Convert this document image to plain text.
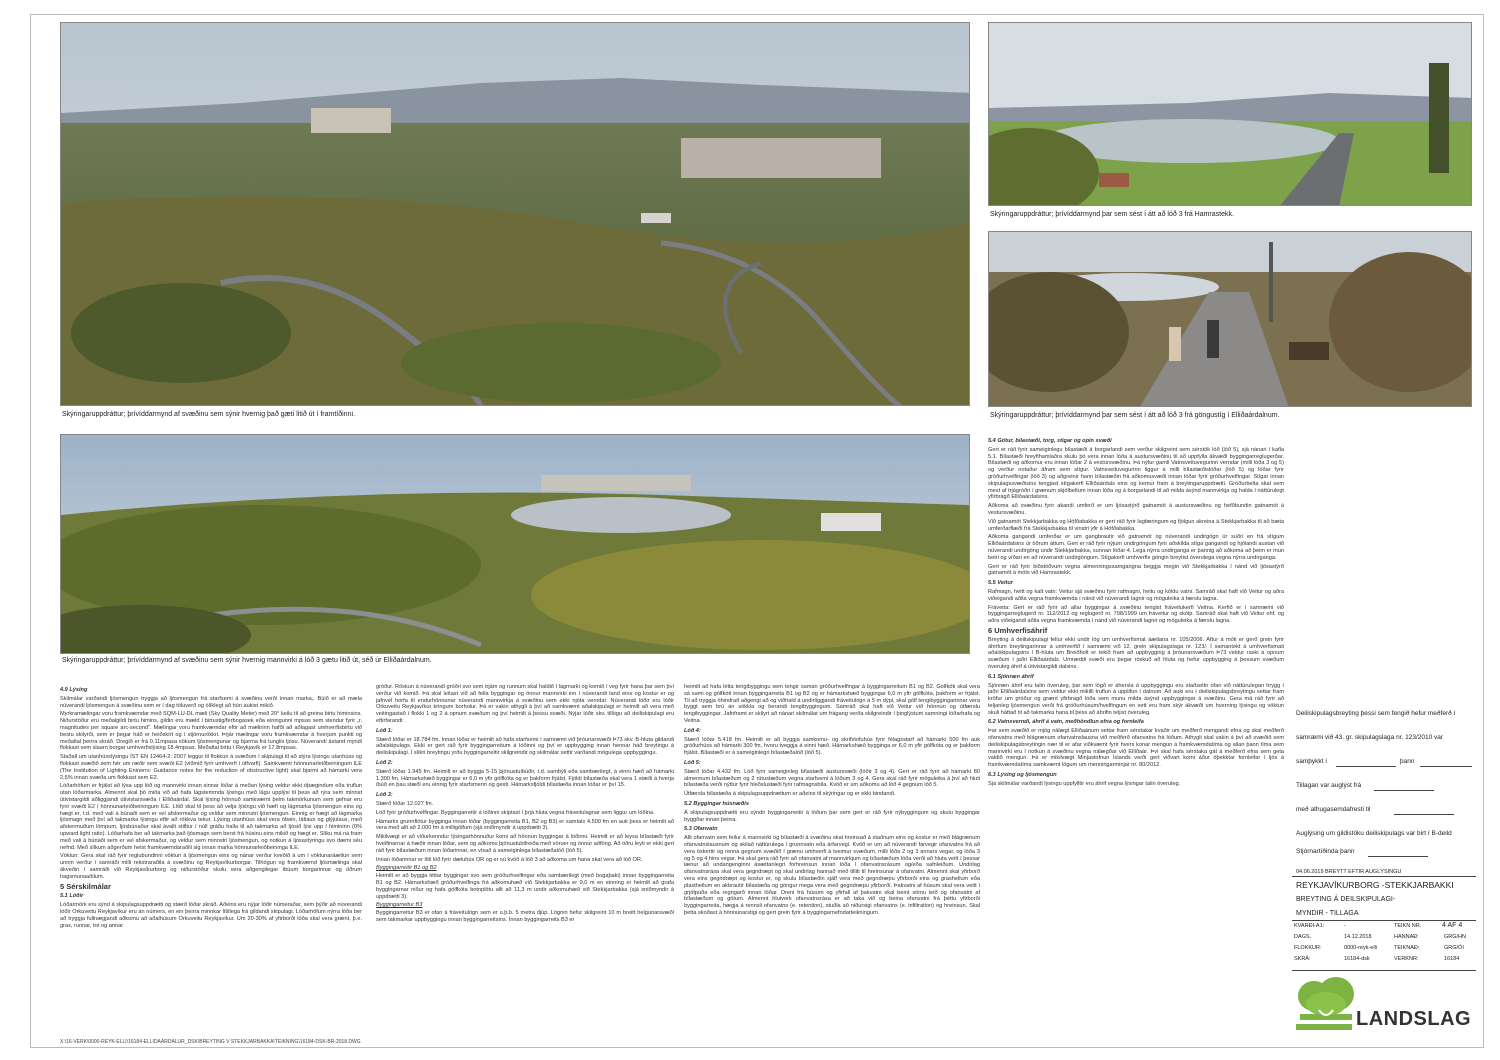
Skýringaruppdráttur; þrívíddarmynd af svæðinu sem sýnir hvernig það gæti litið út í framtíðinni.
Skýringaruppdráttur; þrívíddarmynd af svæðinu sem sýnir hvernig mannvirki á lóð 3 gætu litið út, séð úr Elliðaárdalnum.
Skýringaruppdráttur; þrívíddarmynd þar sem sést í átt að lóð 3 frá Hamrastekk.
Skýringaruppdráttur; þrívíddarmynd þar sem sést í átt að lóð 3 frá göngustíg í Elliðaárdalnum.

4.9 Lýsing

Skilmálar varðandi ljósmengun tryggja að ljósmengun frá starfsemi á svæðinu verði innan marka,. Búið er að mæla núverandi ljósmengun á svæðinu sem er í dag töluverð og ólíklegt að hún aukist mikið.

Myrkramælingar voru framkvæmdar með SQM-LU-DL mæli (Sky Quality Meter) með 20° keilu til að greina birtu himinsins. Niðurstöður eru meðalgildi birtu himins, gildin eru mæld í birtustig/ferbogasek eða einingunni mpsas sem stendur fyrir „r. magnitudes per square arc-second“. Mælingar voru framkvæmdar eftir að mælirinn hafði að aðlagast umhverfisbirtu við bestu skilyrði, sem er þegar háð er heiðskírt og í stjörnurökkri. Þrjár mælingar voru framkvæmdar á hverjum punkti og meðaltal þeirra skráð. Dregið er frá 0.11mpasa sökum ljósmengunar og bjarma frá tunglis ljósu. Núverandi ástand myndi flokkast sem slaarn borgar umhverfislýsing 18.4mpsas. Meðaltal birtu í Reykjavík er 17.8mpsas.

Staðall um utanhússlýsingu ÍST EN 12464-2: 2007 leggur til flokkun á svæðum í skipulagi til að stýra lýsingu utanhúss og flokkast svæðið sem hér um ræðir sem svæði E2 (viðmið fyrir umhverfi í útfvarfi). Samkvæmt hönnunarleiðbeiningum ILE (The Institution of Lighting Eninerrs: Guidance notes for the reduction of obstructive light) skal bjarmi að hámarki vera 2,5% innan svæða um flokkast sem E2.

Lóðarhöfum er frjálst að lýsa upp lóð og mannvirki innan sinnar lóðar á meðan lýsing veldur ekki óþægindum eða truflun utan lóðarmarka. Almennt skal þó miða við að hafa lágstemmda lýsingu með lágu upplýsi til þess að rýra sem minnst útivistargildi aðliggjandi útivistarsvæða í Elliðaárdal. Skal lýsing hönnuð samkvæmt þeim takmörkunum sem gefnar eru fyrir svæði E2 í hönnunarleiðbeiningum ILE. Lítið skal til þess að velja lýsingu við hæfi og lágmarka ljósmengun eins og hægt er, t.d. með vali á búnaði sem er vel afskermaður og veldur sem minnstri ljósmengun. Einnig er hægt að lágmarka ljósmagn með því að takmarka lýsingu eftir að rökkva tekur. Lýsing utanhúss skal vera óbein, látlaus og glýjulaus, með afskermuðum lömpum, ljósbúnaður skal ávallt stilltur í núll gráðu halla til að takmarka að ljósið lýsi upp í himininn (0% upward light ratio). Lóðarhafa ber að takmarka það ljósmagn sem berst frá húsinu eins mikið og hægt er. Slíku má ná fram með vali á búnaði sem er vel afskermaður, og veldur sem minnstri ljósmengun, og notkun á ljósastýringu svo dæmi séu nefnd. Með slíkum aðgerðum helst framkvæmdaraðili sig innan marka hönnunarleiðbeininga ILE.

Vöktun: Gera skal ráð fyrir reglubundinni vöktun á ljósmengun eins og nánar verður kveðið á um í vöktunaráætlun sem unnin verður í samráði milli rekstraraðila á svæðinu og Reykjavíkurborgar. Tilhögun og framkvæmd ljósmælinga skal ákveðin í samráði við Reykjavíkurborg og niðurstöður skulu vera aðgengilegar íbúum borgarinnar og öðrum hagsmunaaðilum.

5 Sérskilmálar

5.1 Lóðir

Lóðarmörk eru sýnd á skipulagsuppdrætti og stærð lóðar skráð. Aðeins eru nýjar lóðir númeraðar, sem þýðir að núverandi lóðir Orkuveitu Reykjavíkur eru án númers, en ein þeirra minnkar lítillega frá gildandi skipulagi. Lóðarhöfum nýrra lóða ber að tryggja fullnægjandi aðkomu að aðalhúsum Orkuveitu Reykjavíkur. Um 20-30% af yfirborði lóða skal vera grænt, þ.e. gras, runnar, tré og annar

gróður. Röskun á núverandi gróðri svo sem trjám og runnum skal haldið í lágmarki og komið í veg fyrir hana þar sem því verður við komið. Þá skal leitast við að fella byggingar og önnur mannvirki inn í núverandi land eins og kostur er og jafnvel horfa til endurhönnunar núverandi mannvirkja á svæðinu sem ekki njóta verndar. Núverandi lóðir eru lóðir Orkuveitu Reykjavíkur kringum borholur. Þá er vakin athygli á því að samkvæmt aðalskipulagi er heimilt að vera með veitingastað í flokki 1 og 2 á opnum svæðum og því heimilt á þessu svæði. Nýjar lóðir skv. tillögu að deiliskipulagi eru eftirfarandi:

Lóð 1:

Stærð lóðar er 18.784 fm. Innan lóðar er heimilt að hafa starfsemi í samræmi við þróunarsvæði Þ73 skv. B-hluta gildandi aðalskipulags. Ekki er gert ráð fyrir byggingarreitum á lóðinni og því er uppbygging innan hennar háð breytingu á deiliskipulagi. Í slíkri breytingu yrðu byggingarreitir skilgreindir og skilmálar settir varðandi mögulega uppbyggingu.

Lóð 2:

Stærð lóðar 1.945 fm. Heimilt er að byggja 5-15 þjónustuíbúðir, t.d. sambýli eða sambærilegt, á einni hæð að hámarki 1.300 fm. Hámarkshæð byggingar er 6,0 m yfir gólfkóta og er þakform frjálst. Fjöldi bílastæða skal vera 1 stæði á hverja íbúð en þau stæði eru einnig fyrir starfsmenn og gesti. Hámarksfjöldi bílastæða innan lóðar er því 15.

Lóð 3:

Stærð lóðar 12.027 fm.

Lóð fyrir gróðurhvelfingar. Byggingarreitir á lóðinni skiptast í þrjá hluta vegna fráveitulagnar sem liggur um lóðina.

Hámarks grunnflötur bygginga innan lóðar (byggingarreita B1, B2 og B3) er samtals 4.500 fm en auk þess er heimilt að vera með allt að 2.000 fm á milligólfum (sjá sniðmyndir á uppdrætti 3).

Mikilvægt er að viðurkenndur lýsingarhönnuður komi að hönnun byggingar á lóðinni. Heimilt er að leysa bílastæði fyrir hvelfinarnar á hæðir innan lóðar, sem og aðkomu þjónustubifreiða með vöruer og önnur aðföng. Að öðru leyti er ekki gert ráð fyrir bílastæðum innan lóðarinnar, en vísað á sameiginlega bílastæðalóð (lóð 5).

Innan lóðarinnar er lítil lóð fyrir dæluhús OR og er sú kvöð á lóð 3 að aðkoma um hana skal vera að lóð OR.

Byggingarreitir B1 og B2

Heimilt er að byggja léttar byggingar svo sem gróðurhvelfingar eða sambærilegt (með bogaþaki) innan byggingarreita B1 og B2. Hámarkshæð gróðurhvelfinga frá aðkomuhæð við Stekkjarbakka er 9,0 m en einning er heimilt að grafa byggingarnar niður og hafa gólfkóta botnplötu allt að 11,3 m undir aðkomuhæð við Stekkjarbakka (sjá sniðmyndir á uppdrætti 3).

Byggingarreitur B3

Byggingarreitur B3 er ofan á fráveitulögn sem er u.þ.b. 5 metra djúp. Lögnin hefur skilgreint 10 m breitt helgunarsvæði sem takmarkar uppbyggingu innan byggingarreitsins. Innan byggingarreits B3 er

heimilt að hafa létta tengibyggingu sem tengir saman gróðurhvelfingar á byggingarreitum B1 og B2. Gólfkóti skal vera sá sami og gólfkóti innan byggingarreita B1 og B2 og er hámarkshæð byggingar 6,0 m yfir gólfkóta, þakform er frjálst. Til að tryggja óhindrað aðgengi að og viðhald á undirliggjandi fráveitulögn á 5 m dýpi, skal gólf tengibyggingarinnar vera byggt sem brú án sökkla og berandi tengibyggingum. Samráð skal haft við Veitur við hönnun og útfærslu tengibyggingar. Jafnframt er skilyrt að nánari skilmálar um frágang verða skilgreindir í þinglýstum samningi lóðarhafa og Veitna.

Lóð 4:

Stærð lóðar 5.418 fm. Heimilt er að byggja samkomu- og skrifstofuhús fyrir félagsstarf að hámarki 500 fm auk gróðurhúss að hámarki 300 fm, hvoru tveggja á einni hæð. Hámarkshæð bygginga er 6,0 m yfir gólfkóta og er þakform frjálst. Bílastæði er á sameiginlegri bílastæðalóð (lóð 5).

Lóð 5:

Stærð lóðar 4.432 fm. Lóð fyrir sameiginleg bílastæði austursvæði (lóðir 3 og 4). Gert er ráð fyrir að hámarki 80 almennum bílastæðum og 2 rútustæðum vegna starfsemi á lóðum 3 og 4. Gera skal ráð fyrir möguleika á því að hluti bílastæða verði nýttur fyrir hleðslustæði fyrir rafmagnsbíla. Kvöð er um aðkomu að lóð 4 gegnum lóð 5.

Útfærsla bílastæða á skipulagsuppdrættum er aðeins til skýringar og er ekki bindandi.

5.2 Byggingar húsnæðis

Á skipulagsuppdrætti eru sýndir byggingarreitir á lóðum þar sem gert er ráð fyrir nýbyggingum og skulu byggingar byggðar innan þeirra.

5.3 Ofanvatn

Allt ofanvatn sem fellur á mannvirki og bílastæði á svæðinu skal hreinsað á staðnum eins og kostur er með blágrænum ofanvatnslausnum og skilað náttúrulega í grunnvatn eða árfarvegi. Kvöð er um að núverandi farvegir ofanvatns frá að vera óskertir og renna gegnum svæðið í grænu umhverfi á tveimur svæðum, milli lóða 2 og 3 annars vegar, og lóða 3 og 5 og 4 hins vegar. Þá skal gera ráð fyrir að ofanvatni af mannvirkjum og bílastæðum lóða verði að hluta veitt í þessar lænur að undangenginni ásættanlegri forhreinsun innan lóða í ofanvatnsrásum og/eða safnleiðum. Undirlag ofanvatnsrása skal vera gegndræpt og skal undirlag hannað með tilliti til hreinsunar á ofanvatni. Almennt skal yfirborð vera eins gegndræpt og kostur er, og skulu bílastæðin sjálf vera með gegndræpu yfirborði eins og grashellum eða plasthellum en akbrautir bílastæða og göngur mega vera með gegndræpu yfirborði. Þakvatni af húsum skal vera veitt í grjótpúða eða regngarð innan lóðar. Dreni frá húsum og yfirfall af þakvatni skal beint sömu leið og ofanvatni af bílastæðum og götum. Almennt hlutverk ofanvatnsrása er að taka við og beina ofanvatni frá þéttu yfirborði byggingarreita, hægja á rennsli ofanvatns (e. retention), stuðla að niðursigi ofanvatns (e. infiltration) og hreinsun. Skal þetta skoðast á hönnunarstigi og gert grein fyrir á byggingarnefndarteikningum.

5.4 Götur, bílastæði, torg, stígar og opin svæði

Gert er ráð fyrir sameiginlegu bílastæði á borgarlandi sem verður skilgreint sem sérstök lóð (lóð 5), sjá nánari í kafla 5.1. Bílastæði hreyfihamlaðra skulu þó vera innan lóða á austursvæðinu til að uppfylla ákvæði byggingarreglugerðar. Bílastæði og aðkomur eru innan lóðar 2 á vestursvæðinu. Þá nýtur gamli Vatnsveituvegurinn verndar (milli lóða 3 og 5) og verður notaður áfram sem stígur. Vatnsveituvegurinn liggur á milli bílastæðislóðar (lóð 5) og lóðar fyrir gróðurhvelfingar (lóð 3) og aðgreinir hann bílastæðin frá aðkomusvæði innan lóðar fyrir gróðurhvelfingar. Stígar innan skipulagssvæðisins tengjast stígakerfi Elliðaárdals eins og kemur fram á breytingaruppdrætti. Gróðurbelta skal sem mest af trjágróðri / grænum skjólbeltum innan lóða og á borgarlandi til að milda ásýnd mannvirkja og halda í náttúrulegt yfirbragð Elliðaárdalsins.

Aðkoma að svæðinu fyrir akandi umferð er um ljósastýrð gatnamót á austursvæðinu og hefðbundin gatnamót á vestursvæðinu.

Við gatnamót Stekkjarbakka og Höfðabakka er gert ráð fyrir lagfæringum og fjölgun akreina á Stekkjarbakka til að bæta umferðarflæði frá Stekkjarbakka til vinstri yfir á Höfðabakka.

Aðkoma gangandi umferðar er um gangbrautir við gatnamót og núverandi undirgögn úr suðri en frá stígum Elliðaárdalsins úr öðrum áttum. Gert er ráð fyrir nýjum undirgöngum fyrir aðskilda stíga gangandi og hjólandi austan við núverandi undirgöng undir Stekkjarbakka, sunnan lóðar 4. Lega nýrra undirganga er þannig að aðkoma að þeim er mun betri og víðari en að núverandi undirgöngum. Stígakerfi umhverfis göngin breytist óverulega vegna nýrra undirganga.

Gert er ráð fyrir biðstöðvum vegna almenningssamgangna beggja megin við Stekkjarbakka í nánd við ljósastýrð gatnamót á móts við Hamrastekk.

5.5 Veitur

Rafmagn, heitt og kalt vatn: Veitur sjá svæðinu fyrir rafmagni, heitu og köldu vatni. Samráð skal haft við Veitur og aðra viðeigandi aðila vegna framkvæmda í nánd við núverandi lagnir og möguleika á færslu lagna.

Fráveita: Gert er ráð fyrir að allar byggingar á svæðinu tengist fráveitukerfi Veitna. Kerfið er í samræmi við byggingarreglugerð nr. 112/2012 og reglugerð nr. 798/1999 um fráveitur og skólp. Samráð skal haft við Veitur ohf. og aðra viðeigandi aðila vegna framkvæmda í nánd við núverandi lagnir og möguleika á færslu lagna.

6 Umhverfisáhrif

Breyting á deiliskipulagi fellur ekki undir lög um umhverfismat áætlana nr. 105/2006. Aftur á móti er gerð grein fyrir áhrifum breytingarinnar á umhverfið í samræmi við 12. grein skipulagslaga nr. 123/. Í samantekt á umhverfismati aðalskipulagsins í B-hluta um Breiðholt er tekið fram að uppbygging á þróunarsvæðum Þ73 veldur raski á opnum svæðum í jaðri Elliðaárdals. Umræddi svæði eru þegar röskuð að hluta og hefur uppbygging á þessum svæðum óveruleg áhrif á útivistargildi dalsins.

6.1 Sjónræn áhrif

Sjónræn áhrif eru talin óveruleg, þar sem lögð er áhersla á uppbyggingu eru staðsettir ofan við náttúrulegan hrygg í jaðri Elliðaárdalsins sem veldur ekki mikilli truflun á upplifun í dalnum. Að auki eru í deiliskipulagsbreytingu settar fram kröfur um gróður og grænt yfirbragð lóða sem munu milda ásýnd uppbyggingar á svæðinu. Gera má ráð fyrir að teljanleg ljósmengun verði frá gróðurhúsum/hvelfingum en sett eru fram skýr ákvæði um hverning lýsingu og vöktun skuli háttað til að takmarka hana til þess að áhrifin teljist óveruleg.

6.2 Vatnsverndi, áhrif á vatn, meðhöndlun efna og fornleifa

Þar sem svæðið er mjög nálægt Elliðaánum settar fram sérstakar kvaðir um meðferð mengandi efna og skal meðferð ofanvatns með blágrænum ofanvatnslausna við meðferð ofanvatns frá lóðum. Athygli skal vakin á því að svæðið sem deiliskipulagsbreytingin nær til er afar viðkvæmt fyrir hvers konar mengun á framkvæmdatíma og allan þann tíma sem mannvirki eru í notkun á svæðinu vegna nálægðar við Elliðaár. Því skal hafa sérstaka gát á meðferð efna sem geta valdið mengun. Þá er mikilvægt Minjastofnun Íslands verði gert viðvart komi áður óþekktar fornleifar í ljós á framkvæmdatíma samkvæmt lögum um menningarminjar nr. 80/2012.

6.3 Lýsing og ljósmengun

Sjá skilmálar varðandi lýsingu uppfylltir eru áhrif vegna lýsingar talin óveruleg.

Deiliskipulagsbreyting þessi sem fengið hefur meðferð í
samræmi við 43. gr. skipulagslaga nr. 123/2010 var
samþykkt í	þann
Tillagan var auglýst frá
með athugasemdafresti til
Auglýsing um gildistöku deiliskipulags var birt í B-deild
Stjórnartíðinda þann
04.06.2019 BREYTT EFTIR AUGLÝSINGU
REYKJAVÍKURBORG -STEKKJARBAKKI
BREYTING Á DEILSKIPULAGI-
MYNDIR - TILLAGA
KVARÐI-A1:	-	TEIKN NR.	4 AF 4
DAGS.	14.12.2018	HANNAÐ:	GRG/HN
FLOKKUR:	0000-reyk-elli	TEIKNAÐ:	GRG/ÓI
SKRÁ:	16184-dsk	VERKNR:	16184
LANDSLAG
X:\16-VERK\0000-REYK-ELLI\16184-ELLIDAARDALUR_DSK\BREYTING V STEKKJARBAKKA\TEIKNING\16184-DSK-BR-2018.DWG
